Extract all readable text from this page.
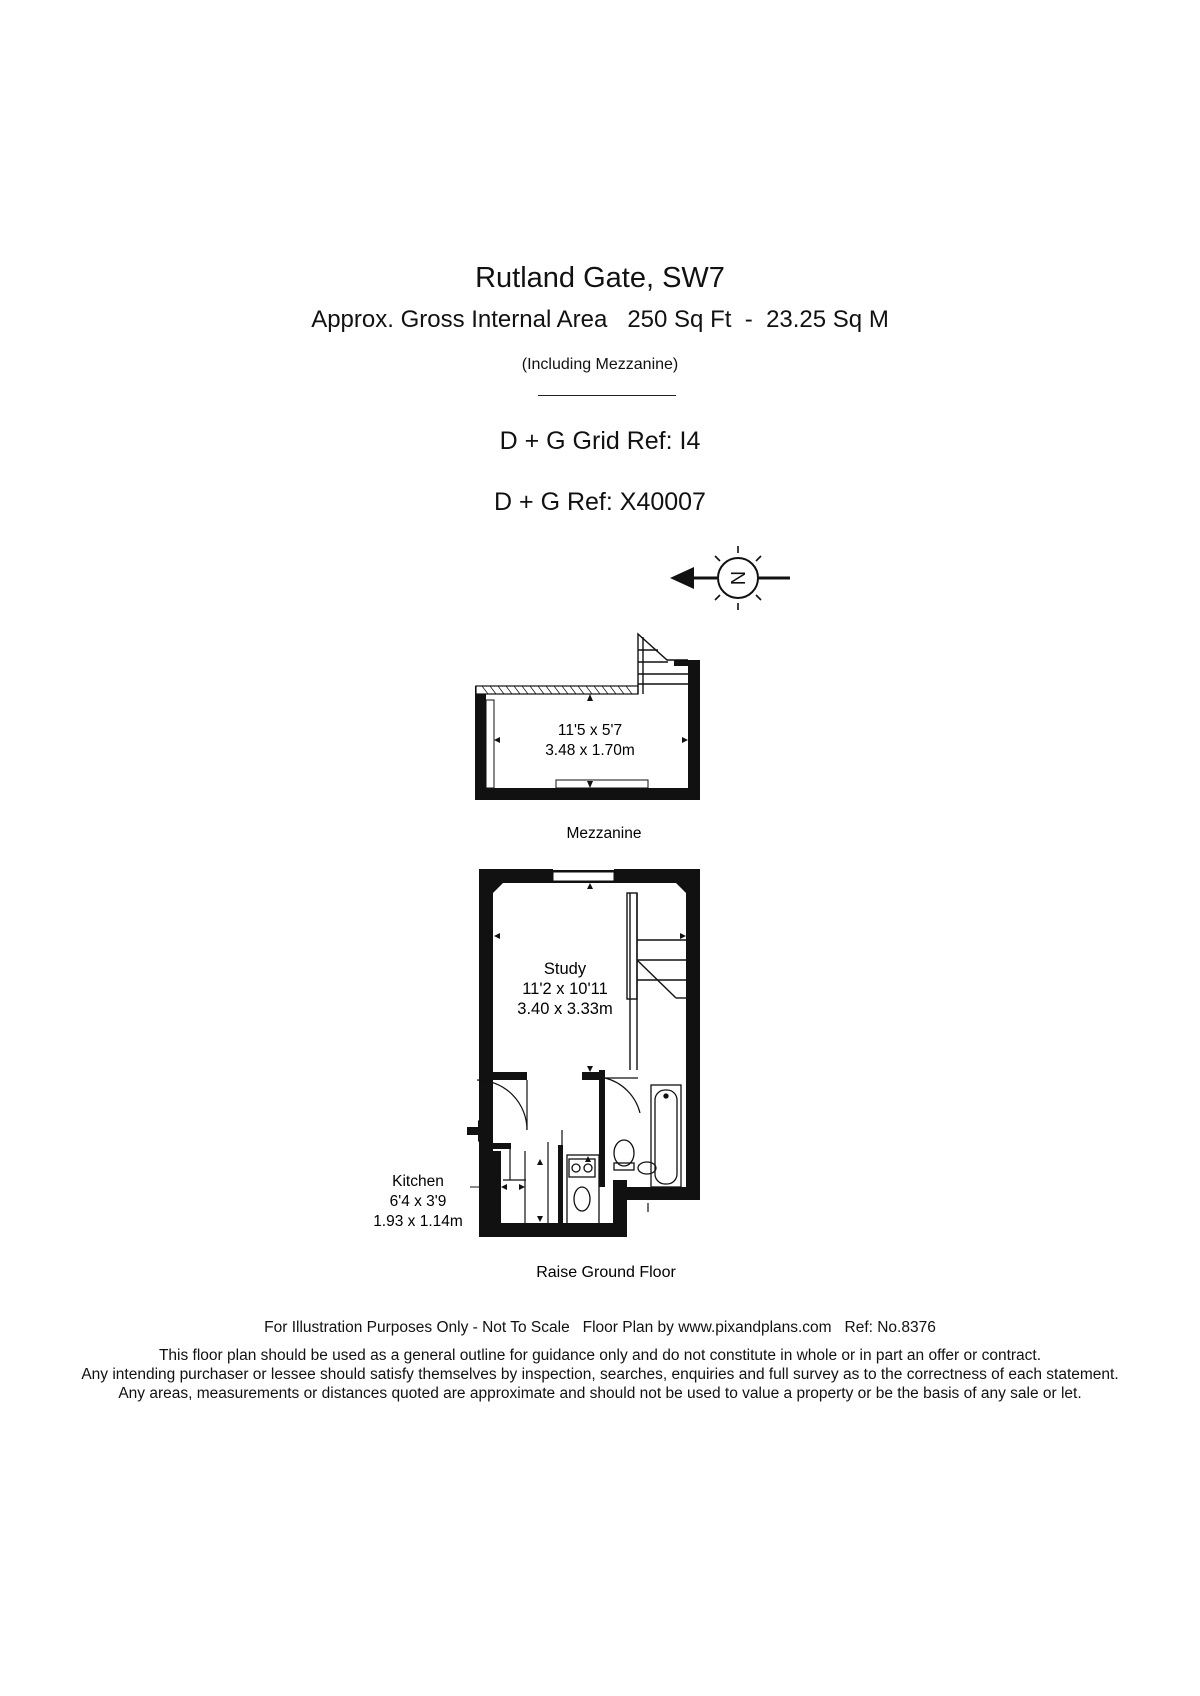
Rutland Gate, SW7

Approx. Gross Internal Area   250 Sq Ft  -  23.25 Sq M

(Including Mezzanine)

D + G Grid Ref: I4

D + G Ref: X40007

N
11'5 x 5'7
3.48 x 1.70m
Mezzanine
Study
11'2 x 10'11
3.40 x 3.33m
Kitchen
6'4 x 3'9
1.93 x 1.14m
Raise Ground Floor

For Illustration Purposes Only - Not To Scale   Floor Plan by www.pixandplans.com   Ref: No.8376

This floor plan should be used as a general outline for guidance only and do not constitute in whole or in part an offer or contract.

Any intending purchaser or lessee should satisfy themselves by inspection, searches, enquiries and full survey as to the correctness of each statement.

Any areas, measurements or distances quoted are approximate and should not be used to value a property or be the basis of any sale or let.
